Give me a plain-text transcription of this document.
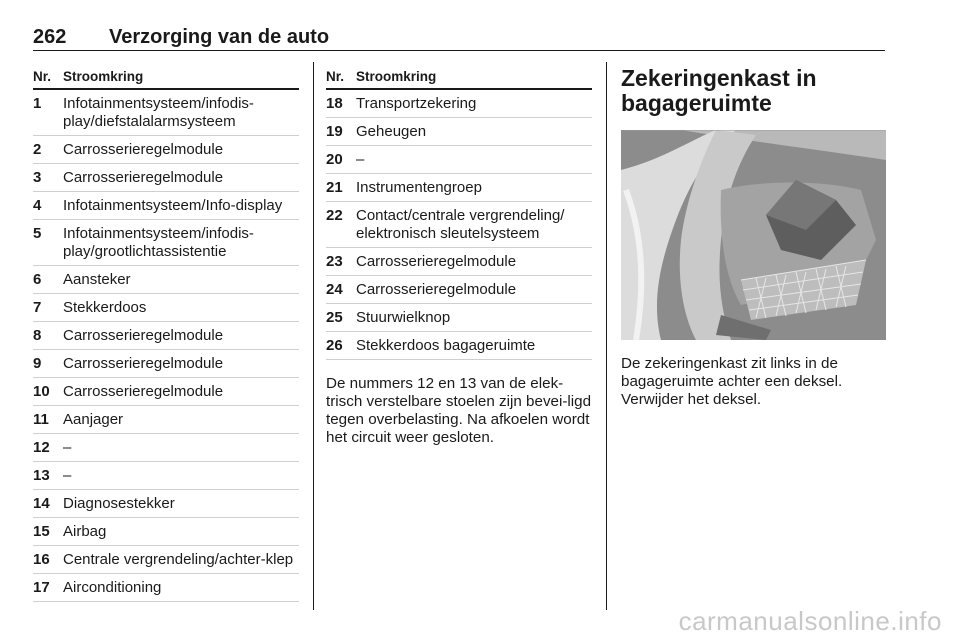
262 Verzorging van de auto
Nr. Stroomkring
1	Infotainmentsysteem/infodis-play/diefstalalarmsysteem
2	Carrosserieregelmodule
3	Carrosserieregelmodule
4	Infotainmentsysteem/Info-display
5	Infotainmentsysteem/infodis-play/grootlichtassistentie
6	Aansteker
7	Stekkerdoos
8	Carrosserieregelmodule
9	Carrosserieregelmodule
10 Carrosserieregelmodule
11 Aanjager
12 –
13 –
14 Diagnosestekker
15 Airbag
16 Centrale vergrendeling/achter-klep
17 Airconditioning
Nr. Stroomkring
18 Transportzekering
19 Geheugen
20 –
21 Instrumentengroep
22 Contact/centrale vergrendeling/ elektronisch sleutelsysteem
23 Carrosserieregelmodule
24 Carrosserieregelmodule
25 Stuurwielknop
26 Stekkerdoos bagageruimte
De nummers 12 en 13 van de elek-trisch verstelbare stoelen zijn bevei-ligd tegen overbelasting. Na afkoelen wordt het circuit weer gesloten.
Zekeringenkast in bagageruimte
De zekeringenkast zit links in de bagageruimte achter een deksel. Verwijder het deksel.
carmanualsonline.info
